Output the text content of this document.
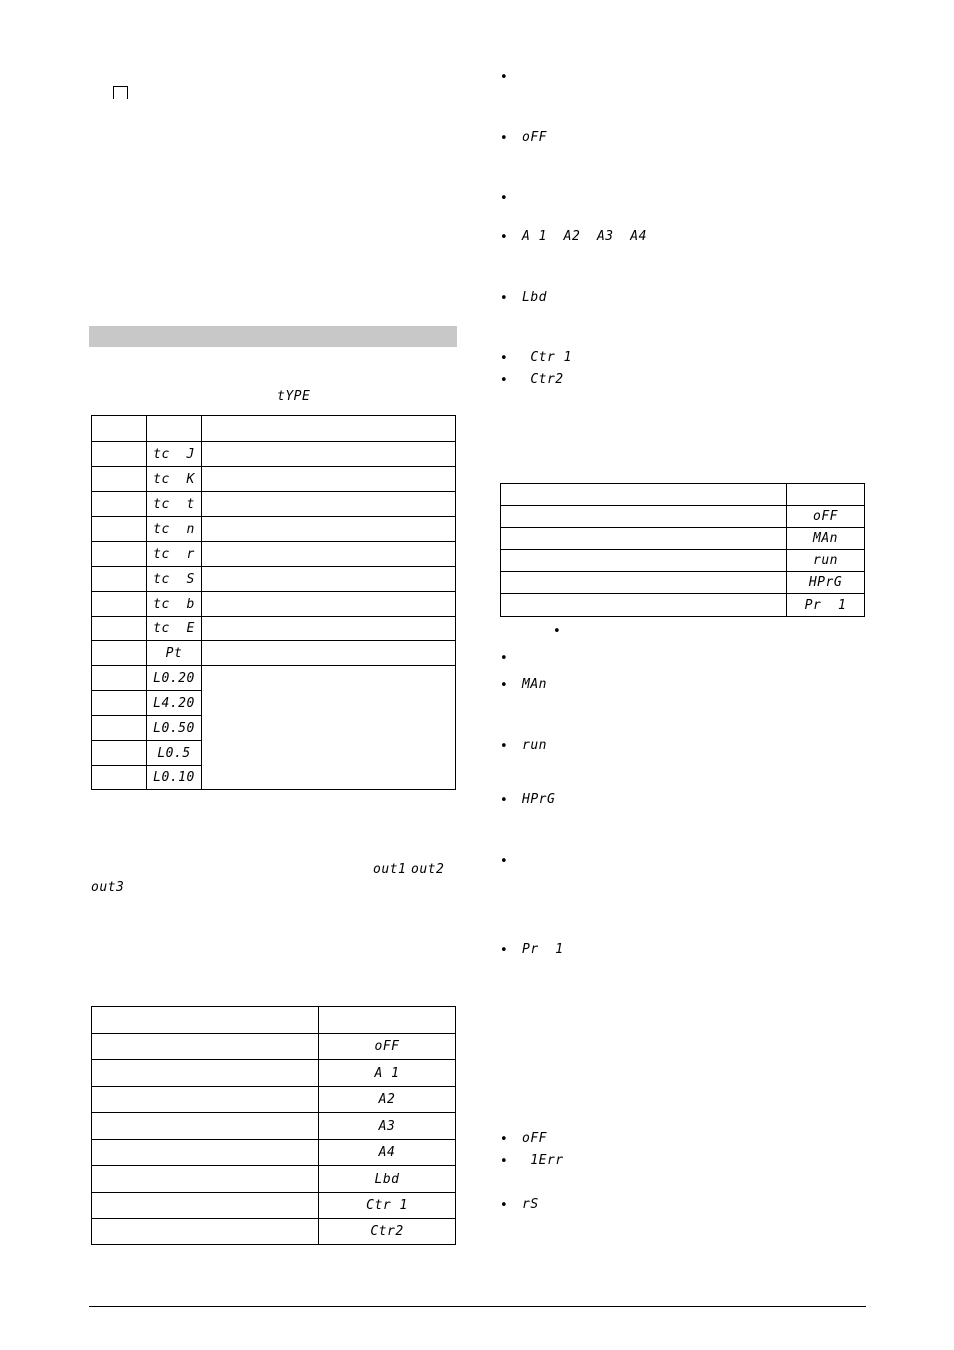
tYPE

	tc  J	
	tc  K	
	tc  t	
	tc  n	
	tc  r	
	tc  S	
	tc  b	
	tc  E	
	Pt	
	L0.20	
	L4.20	
	L0.50	
	L0.5	
	L0.10	
out1 out2
out3

	oFF
	A 1
	A2
	A3
	A4
	Lbd
	Ctr 1
	Ctr2
•
• oFF
•
• A 1  A2  A3  A4
• Lbd
• Ctr 1
• Ctr2

	oFF
	MAn
	run
	HPrG
	Pr  1
•
•
• MAn
• run
• HPrG
•
• Pr  1
• oFF
• 1Err
• rS
